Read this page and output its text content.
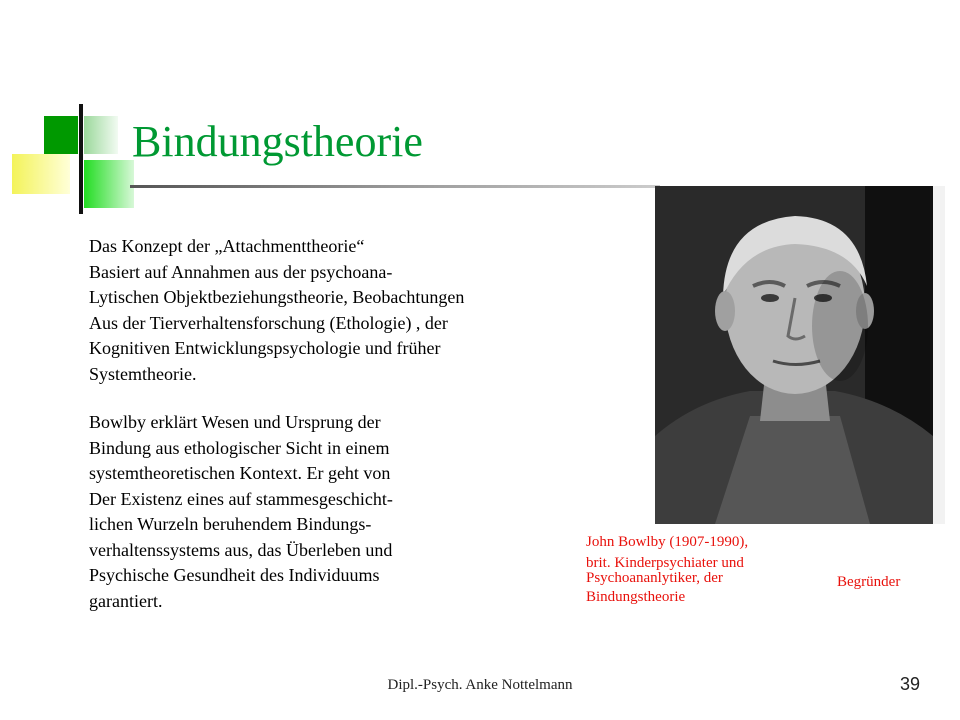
Bindungstheorie
Das Konzept der „Attachmenttheorie“
Basiert auf Annahmen aus der psychoana-
Lytischen Objektbeziehungstheorie, Beobachtungen
Aus der Tierverhaltensforschung (Ethologie) , der
Kognitiven Entwicklungspsychologie und früher
Systemtheorie.
Bowlby erklärt Wesen und Ursprung der
Bindung aus ethologischer Sicht in einem
systemtheoretischen Kontext. Er geht von
Der Existenz eines auf stammesgeschicht-
lichen Wurzeln beruhendem Bindungs-
verhaltenssystems aus, das Überleben und
Psychische Gesundheit des Individuums
garantiert.
John Bowlby (1907-1990),
brit. Kinderpsychiater und
Psychoananlytiker, der	Begründer
Bindungstheorie
Dipl.-Psych. Anke Nottelmann	39
